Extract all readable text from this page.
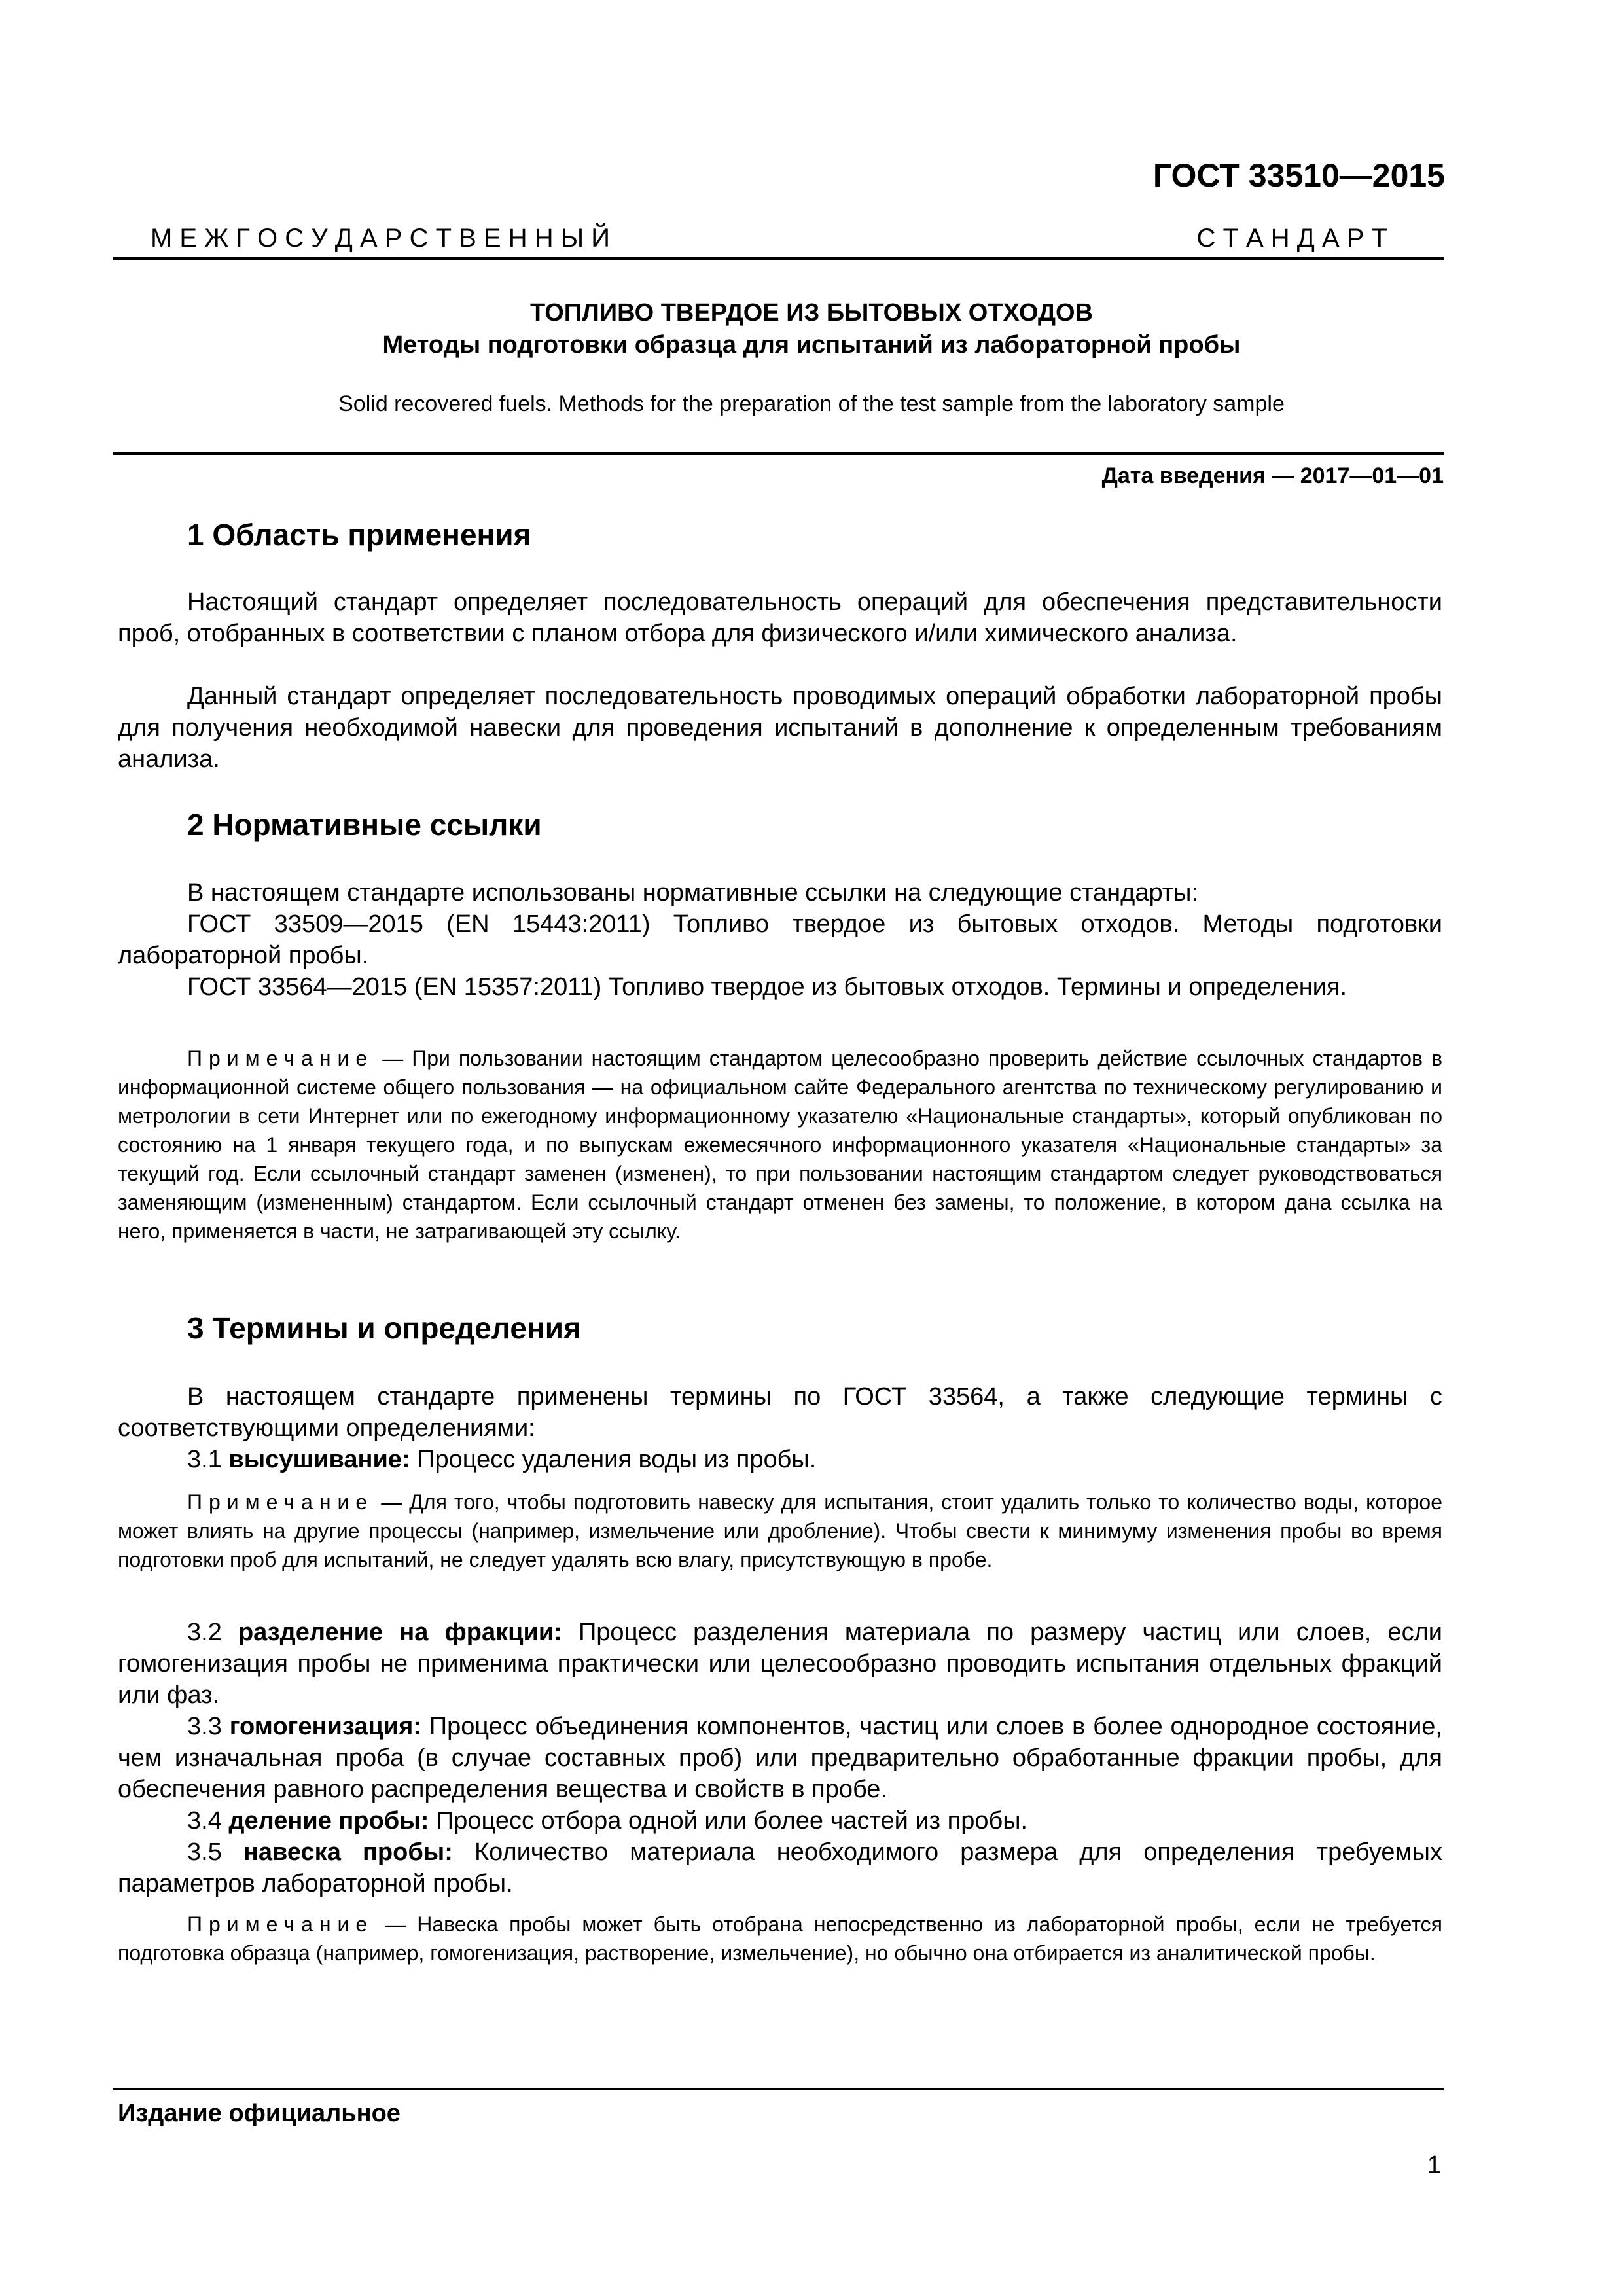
ГОСТ 33510—2015
М Е Ж Г О С У Д А Р С Т В Е Н Н Ы Й	С Т А Н Д А Р Т
ТОПЛИВО ТВЕРДОЕ ИЗ БЫТОВЫХ ОТХОДОВ
Методы подготовки образца для испытаний из лабораторной пробы
Solid recovered fuels. Methods for the preparation of the test sample from the laboratory sample
Дата введения — 2017—01—01
1 Область применения

Настоящий стандарт определяет последовательность операций для обеспечения представительности проб, отобранных в соответствии с планом отбора для физического и/или химического анализа.

Данный стандарт определяет последовательность проводимых операций обработки лабораторной пробы для получения необходимой навески для проведения испытаний в дополнение к определенным требованиям анализа.

2 Нормативные ссылки

В настоящем стандарте использованы нормативные ссылки на следующие стандарты:

ГОСТ 33509—2015 (EN 15443:2011) Топливо твердое из бытовых отходов. Методы подготовки лабораторной пробы.

ГОСТ 33564—2015 (EN 15357:2011) Топливо твердое из бытовых отходов. Термины и определения.

Примечание — При пользовании настоящим стандартом целесообразно проверить действие ссылочных стандартов в информационной системе общего пользования — на официальном сайте Федерального агентства по техническому регулированию и метрологии в сети Интернет или по ежегодному информационному указателю «Национальные стандарты», который опубликован по состоянию на 1 января текущего года, и по выпускам ежемесячного информационного указателя «Национальные стандарты» за текущий год. Если ссылочный стандарт заменен (изменен), то при пользовании настоящим стандартом следует руководствоваться заменяющим (измененным) стандартом. Если ссылочный стандарт отменен без замены, то положение, в котором дана ссылка на него, применяется в части, не затрагивающей эту ссылку.

3 Термины и определения

В настоящем стандарте применены термины по ГОСТ 33564, а также следующие термины с соответствующими определениями:

3.1 высушивание: Процесс удаления воды из пробы.

Примечание — Для того, чтобы подготовить навеску для испытания, стоит удалить только то количество воды, которое может влиять на другие процессы (например, измельчение или дробление). Чтобы свести к минимуму изменения пробы во время подготовки проб для испытаний, не следует удалять всю влагу, присутствующую в пробе.

3.2 разделение на фракции: Процесс разделения материала по размеру частиц или слоев, если гомогенизация пробы не применима практически или целесообразно проводить испытания отдельных фракций или фаз.

3.3 гомогенизация: Процесс объединения компонентов, частиц или слоев в более однородное состояние, чем изначальная проба (в случае составных проб) или предварительно обработанные фракции пробы, для обеспечения равного распределения вещества и свойств в пробе.

3.4 деление пробы: Процесс отбора одной или более частей из пробы.

3.5 навеска пробы: Количество материала необходимого размера для определения требуемых параметров лабораторной пробы.

Примечание — Навеска пробы может быть отобрана непосредственно из лабораторной пробы, если не требуется подготовка образца (например, гомогенизация, растворение, измельчение), но обычно она отбирается из аналитической пробы.

Издание официальное
1
